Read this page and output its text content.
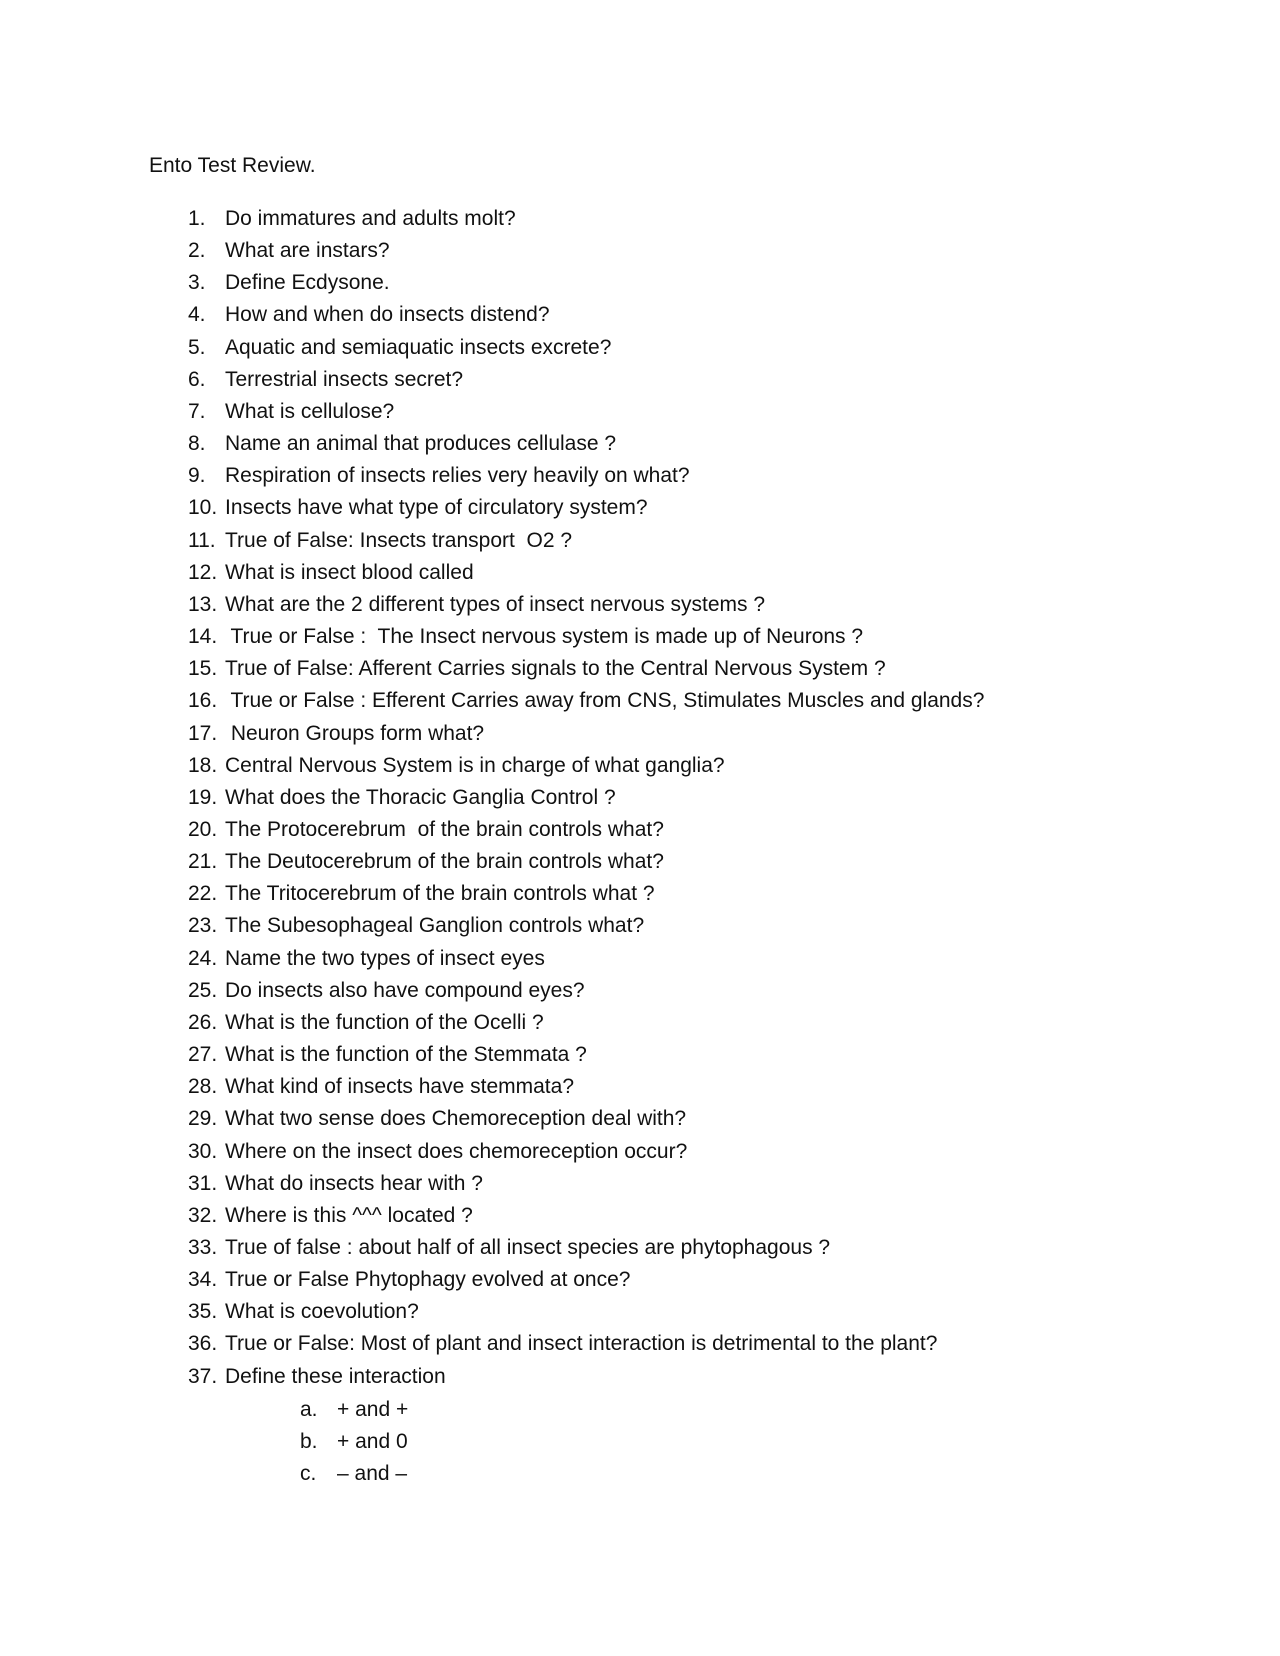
Ento Test Review.
1. Do immatures and adults molt?
2. What are instars?
3. Define Ecdysone.
4. How and when do insects distend?
5. Aquatic and semiaquatic insects excrete?
6. Terrestrial insects secret?
7. What is cellulose?
8. Name an animal that produces cellulase ?
9. Respiration of insects relies very heavily on what?
10. Insects have what type of circulatory system?
11. True of False: Insects transport  O2 ?
12. What is insect blood called
13. What are the 2 different types of insect nervous systems ?
14. True or False :  The Insect nervous system is made up of Neurons ?
15. True of False: Afferent Carries signals to the Central Nervous System ?
16. True or False : Efferent Carries away from CNS, Stimulates Muscles and glands?
17. Neuron Groups form what?
18. Central Nervous System is in charge of what ganglia?
19. What does the Thoracic Ganglia Control ?
20. The Protocerebrum  of the brain controls what?
21. The Deutocerebrum of the brain controls what?
22. The Tritocerebrum of the brain controls what ?
23. The Subesophageal Ganglion controls what?
24. Name the two types of insect eyes
25. Do insects also have compound eyes?
26. What is the function of the Ocelli ?
27. What is the function of the Stemmata ?
28. What kind of insects have stemmata?
29. What two sense does Chemoreception deal with?
30. Where on the insect does chemoreception occur?
31. What do insects hear with ?
32. Where is this ^^^ located ?
33. True of false : about half of all insect species are phytophagous ?
34. True or False Phytophagy evolved at once?
35. What is coevolution?
36. True or False: Most of plant and insect interaction is detrimental to the plant?
37. Define these interaction
a. + and +
b. + and 0
c. – and –
